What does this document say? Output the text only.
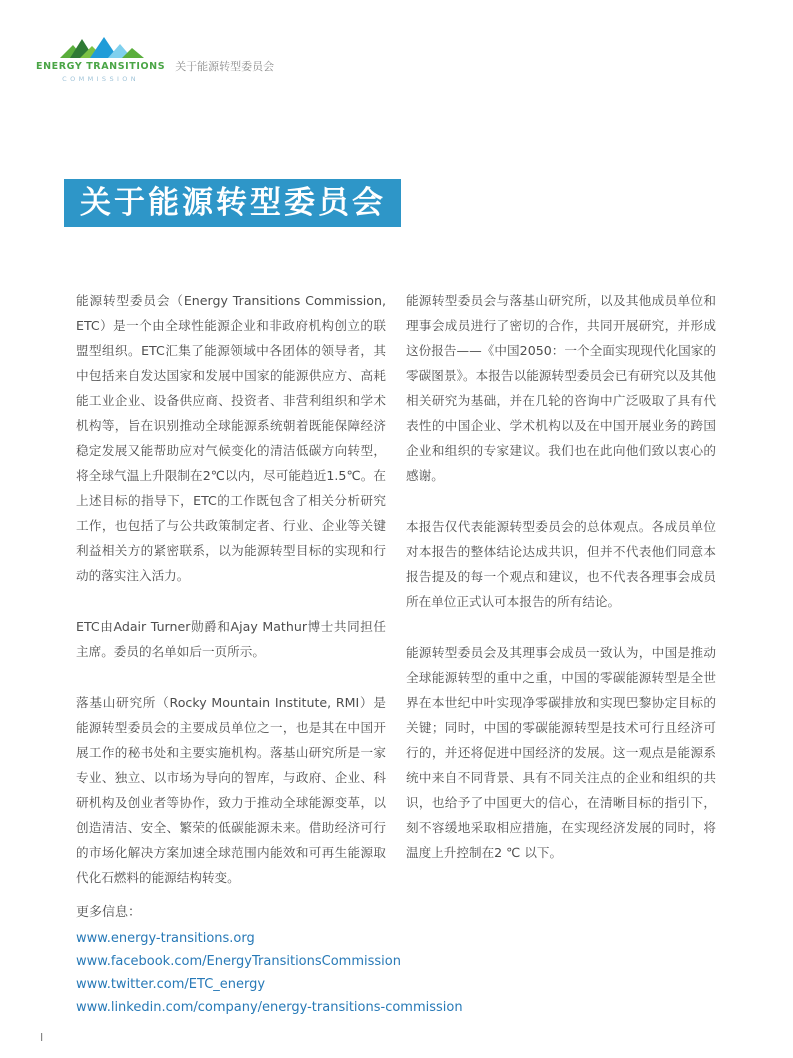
ENERGY TRANSITIONS
COMMISSION
关于能源转型委员会
关于能源转型委员会

能源转型委员会（Energy Transitions Commission, ETC）是一个由全球性能源企业和非政府机构创立的联盟型组织。ETC汇集了能源领域中各团体的领导者，其中包括来自发达国家和发展中国家的能源供应方、高耗能工业企业、设备供应商、投资者、非营利组织和学术机构等，旨在识别推动全球能源系统朝着既能保障经济稳定发展又能帮助应对气候变化的清洁低碳方向转型，将全球气温上升限制在2℃以内，尽可能趋近1.5℃。在上述目标的指导下，ETC的工作既包含了相关分析研究工作，也包括了与公共政策制定者、行业、企业等关键利益相关方的紧密联系，以为能源转型目标的实现和行动的落实注入活力。

ETC由Adair Turner勋爵和Ajay Mathur博士共同担任主席。委员的名单如后一页所示。

落基山研究所（Rocky Mountain Institute, RMI）是能源转型委员会的主要成员单位之一，也是其在中国开展工作的秘书处和主要实施机构。落基山研究所是一家专业、独立、以市场为导向的智库，与政府、企业、科研机构及创业者等协作，致力于推动全球能源变革，以创造清洁、安全、繁荣的低碳能源未来。借助经济可行的市场化解决方案加速全球范围内能效和可再生能源取代化石燃料的能源结构转变。

能源转型委员会与落基山研究所，以及其他成员单位和理事会成员进行了密切的合作，共同开展研究，并形成这份报告——《中国2050：一个全面实现现代化国家的零碳图景》。本报告以能源转型委员会已有研究以及其他相关研究为基础，并在几轮的咨询中广泛吸取了具有代表性的中国企业、学术机构以及在中国开展业务的跨国企业和组织的专家建议。我们也在此向他们致以衷心的感谢。

本报告仅代表能源转型委员会的总体观点。各成员单位对本报告的整体结论达成共识，但并不代表他们同意本报告提及的每一个观点和建议，也不代表各理事会成员所在单位正式认可本报告的所有结论。

能源转型委员会及其理事会成员一致认为，中国是推动全球能源转型的重中之重，中国的零碳能源转型是全世界在本世纪中叶实现净零碳排放和实现巴黎协定目标的关键；同时，中国的零碳能源转型是技术可行且经济可行的，并还将促进中国经济的发展。这一观点是能源系统中来自不同背景、具有不同关注点的企业和组织的共识，也给予了中国更大的信心，在清晰目标的指引下，刻不容缓地采取相应措施，在实现经济发展的同时，将温度上升控制在2 ℃ 以下。

更多信息：
www.energy-transitions.org
www.facebook.com/EnergyTransitionsCommission
www.twitter.com/ETC_energy
www.linkedin.com/company/energy-transitions-commission
I
